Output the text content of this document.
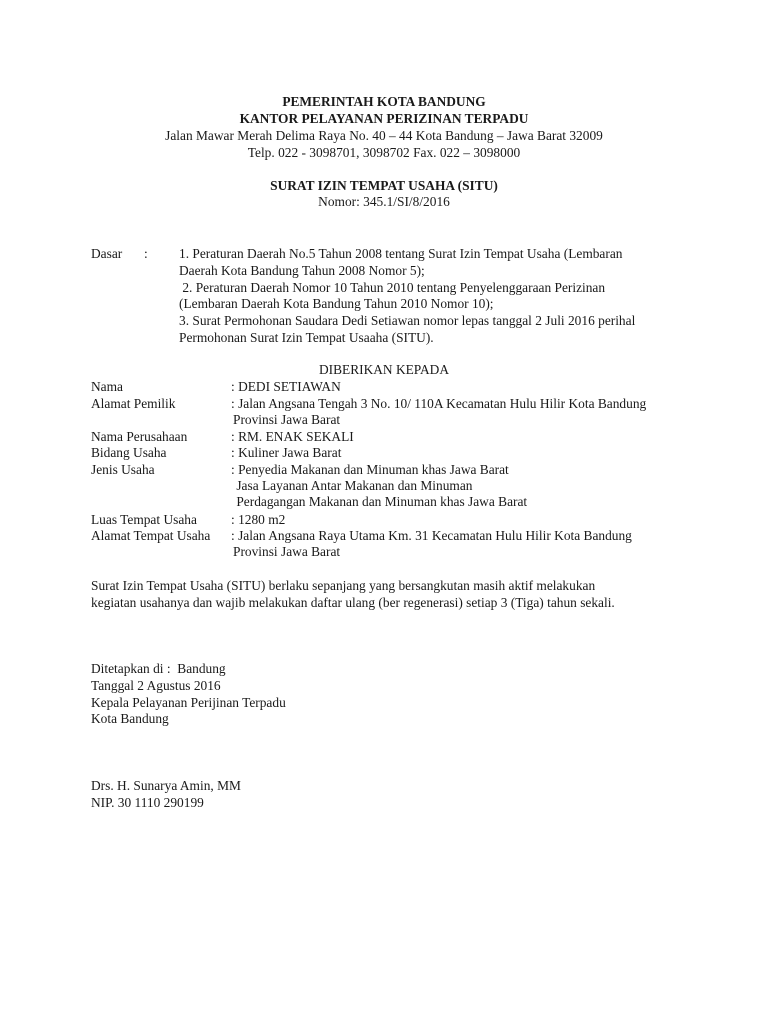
PEMERINTAH KOTA BANDUNG
KANTOR PELAYANAN PERIZINAN TERPADU
Jalan Mawar Merah Delima Raya No. 40 – 44 Kota Bandung – Jawa Barat 32009
Telp. 022 - 3098701, 3098702 Fax. 022 – 3098000
SURAT IZIN TEMPAT USAHA (SITU)
Nomor: 345.1/SI/8/2016
Dasar : 1. Peraturan Daerah No.5 Tahun 2008 tentang Surat Izin Tempat Usaha (Lembaran
Daerah Kota Bandung Tahun 2008 Nomor 5);
2. Peraturan Daerah Nomor 10 Tahun 2010 tentang Penyelenggaraan Perizinan
(Lembaran Daerah Kota Bandung Tahun 2010 Nomor 10);
3. Surat Permohonan Saudara Dedi Setiawan nomor lepas tanggal 2 Juli 2016 perihal
Permohonan Surat Izin Tempat Usaaha (SITU).
DIBERIKAN KEPADA
Nama	: DEDI SETIAWAN
Alamat Pemilik	: Jalan Angsana Tengah 3 No. 10/ 110A Kecamatan Hulu Hilir Kota Bandung
Provinsi Jawa Barat
Nama Perusahaan	: RM. ENAK SEKALI
Bidang Usaha	: Kuliner Jawa Barat
Jenis Usaha	: Penyedia Makanan dan Minuman khas Jawa Barat
Jasa Layanan Antar Makanan dan Minuman
Perdagangan Makanan dan Minuman khas Jawa Barat
Luas Tempat Usaha	: 1280 m2
Alamat Tempat Usaha : Jalan Angsana Raya Utama Km. 31 Kecamatan Hulu Hilir Kota Bandung
Provinsi Jawa Barat
Surat Izin Tempat Usaha (SITU) berlaku sepanjang yang bersangkutan masih aktif melakukan
kegiatan usahanya dan wajib melakukan daftar ulang (ber regenerasi) setiap 3 (Tiga) tahun sekali.
Ditetapkan di :  Bandung
Tanggal 2 Agustus 2016
Kepala Pelayanan Perijinan Terpadu
Kota Bandung
Drs. H. Sunarya Amin, MM
NIP. 30 1110 290199
